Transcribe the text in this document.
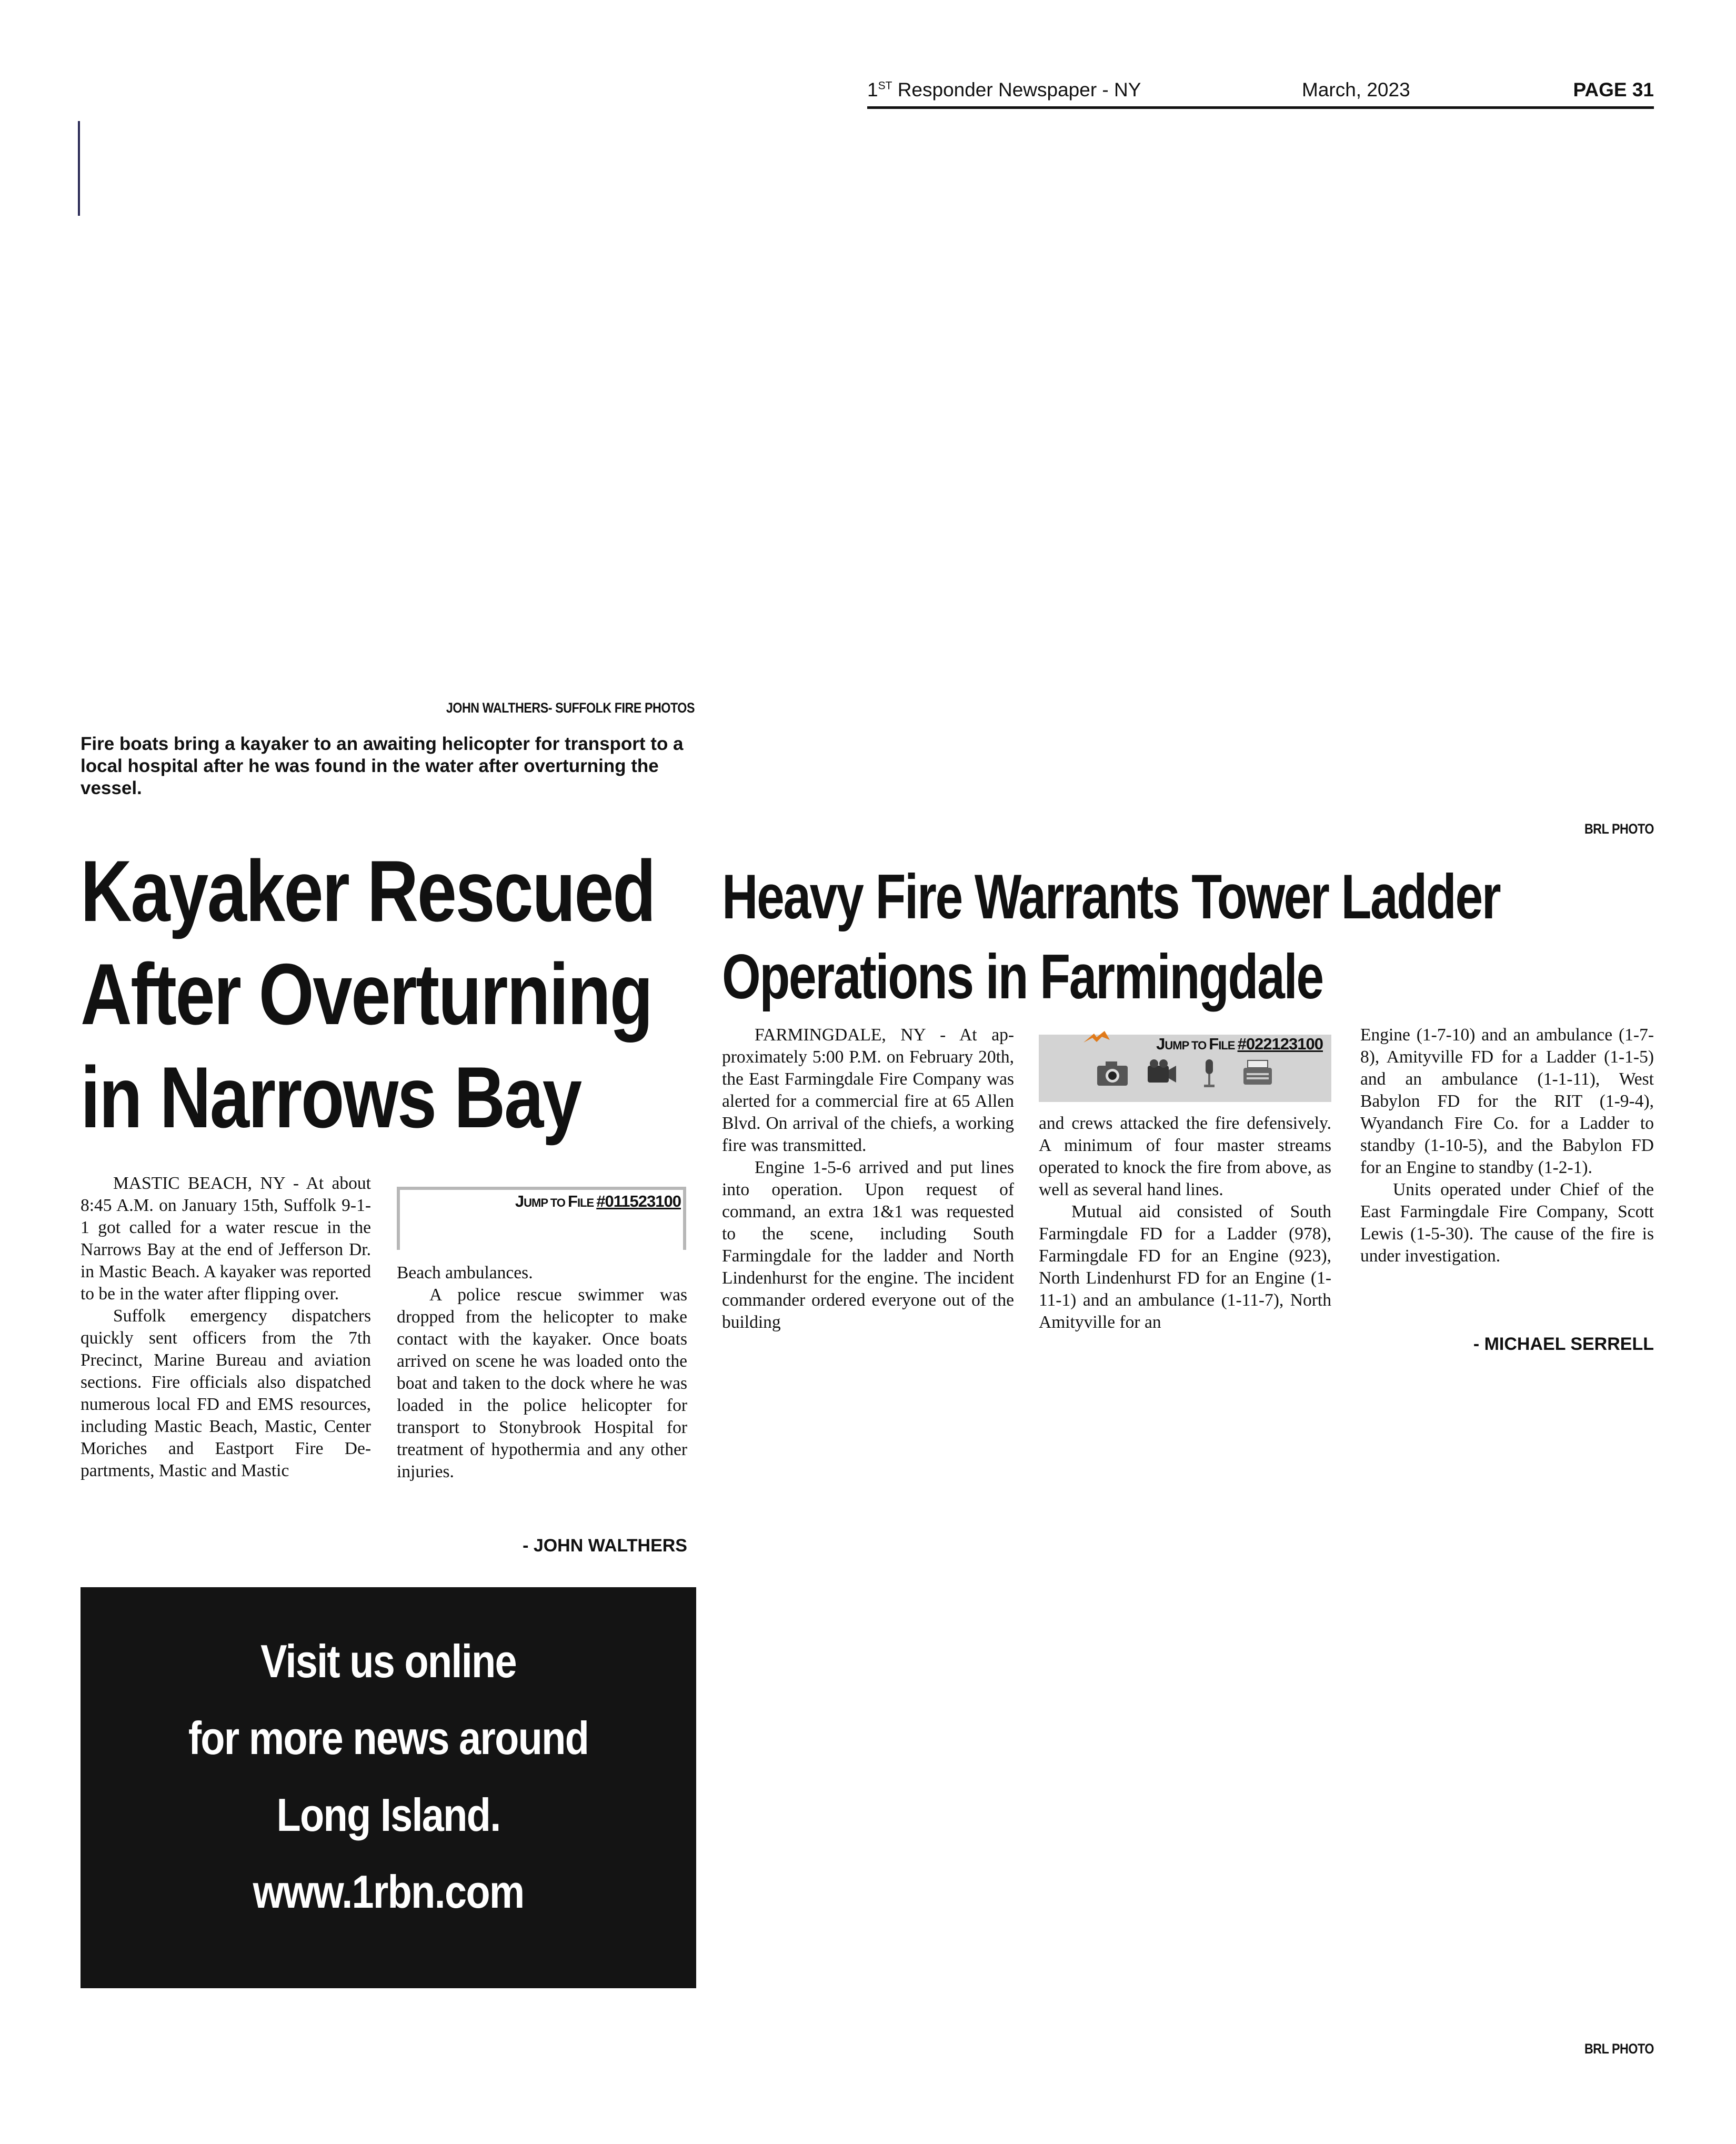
1ST Responder Newspaper - NY	March, 2023	PAGE 31
JOHN WALTHERS- SUFFOLK FIRE PHOTOS
Fire boats bring a kayaker to an awaiting helicopter for transport to a local hospital after he was found in the water after overturning the vessel.
Kayaker Rescued
After Overturning
in Narrows Bay

MASTIC BEACH, NY - At about 8:45 A.M. on January 15th, Suffolk 9-1-1 got called for a water rescue in the Narrows Bay at the end of Jefferson Dr. in Mastic Beach. A kayaker was reported to be in the water after flipping over.

Suffolk emergency dispatchers quickly sent officers from the 7th Precinct, Marine Bureau and aviation sections. Fire officials also dispatched numerous local FD and EMS resources, including Mastic Beach, Mastic, Center Moriches and Eastport Fire Departments, Mastic and Mastic

JUMP TO FILE #011523100

Beach ambulances.

A police rescue swimmer was dropped from the helicopter to make contact with the kayaker. Once boats arrived on scene he was loaded onto the boat and taken to the dock where he was loaded in the police helicopter for transport to Stonybrook Hospital for treatment of hypothermia and any other injuries.

- JOHN WALTHERS
BRL PHOTO
Heavy Fire Warrants Tower Ladder
Operations in Farmingdale

FARMINGDALE, NY - At approximately 5:00 P.M. on February 20th, the East Farmingdale Fire Company was alerted for a commercial fire at 65 Allen Blvd. On arrival of the chiefs, a working fire was transmitted.

Engine 1-5-6 arrived and put lines into operation. Upon request of command, an extra 1&1 was requested to the scene, including South Farmingdale for the ladder and North Lindenhurst for the engine. The incident commander ordered everyone out of the building

JUMP TO FILE #022123100

and crews attacked the fire defensively. A minimum of four master streams operated to knock the fire from above, as well as several hand lines.

Mutual aid consisted of South Farmingdale FD for a Ladder (978), Farmingdale FD for an Engine (923), North Lindenhurst FD for an Engine (1-11-1) and an ambulance (1-11-7), North Amityville for an

Engine (1-7-10) and an ambulance (1-7-8), Amityville FD for a Ladder (1-1-5) and an ambulance (1-1-11), West Babylon FD for the RIT (1-9-4), Wyandanch Fire Co. for a Ladder to standby (1-10-5), and the Babylon FD for an Engine to standby (1-2-1).

Units operated under Chief of the East Farmingdale Fire Company, Scott Lewis (1-5-30). The cause of the fire is under investigation.

- MICHAEL SERRELL
BRL PHOTO
Visit us online
for more news around
Long Island.
www.1rbn.com
